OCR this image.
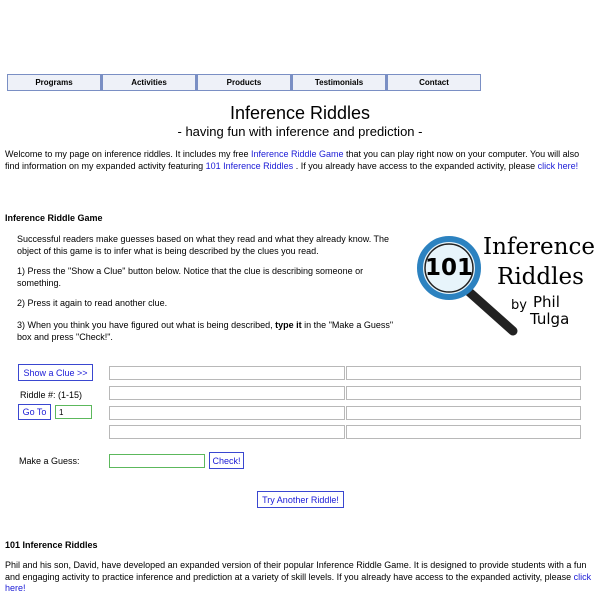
Programs	Activities	Products	Testimonials	Contact
Inference Riddles
- having fun with inference and prediction -
Welcome to my page on inference riddles. It includes my free Inference Riddle Game that you can play right now on your computer. You will also find information on my expanded activity featuring 101 Inference Riddles . If you already have access to the expanded activity, please click here!
Inference Riddle Game
Successful readers make guesses based on what they read and what they already know. The object of this game is to infer what is being described by the clues you read.
1) Press the "Show a Clue" button below. Notice that the clue is describing someone or something.
2) Press it again to read another clue.
3) When you think you have figured out what is being described, type it in the "Make a Guess" box and press "Check!".
101
Inference
Riddles
by Phil
Tulga
Show a Clue >>
Riddle #: (1-15)
Go To
1
Make a Guess:	Check!
Try Another Riddle!
101 Inference Riddles
Phil and his son, David, have developed an expanded version of their popular Inference Riddle Game. It is designed to provide students with a fun and engaging activity to practice inference and prediction at a variety of skill levels. If you already have access to the expanded activity, please click here!
